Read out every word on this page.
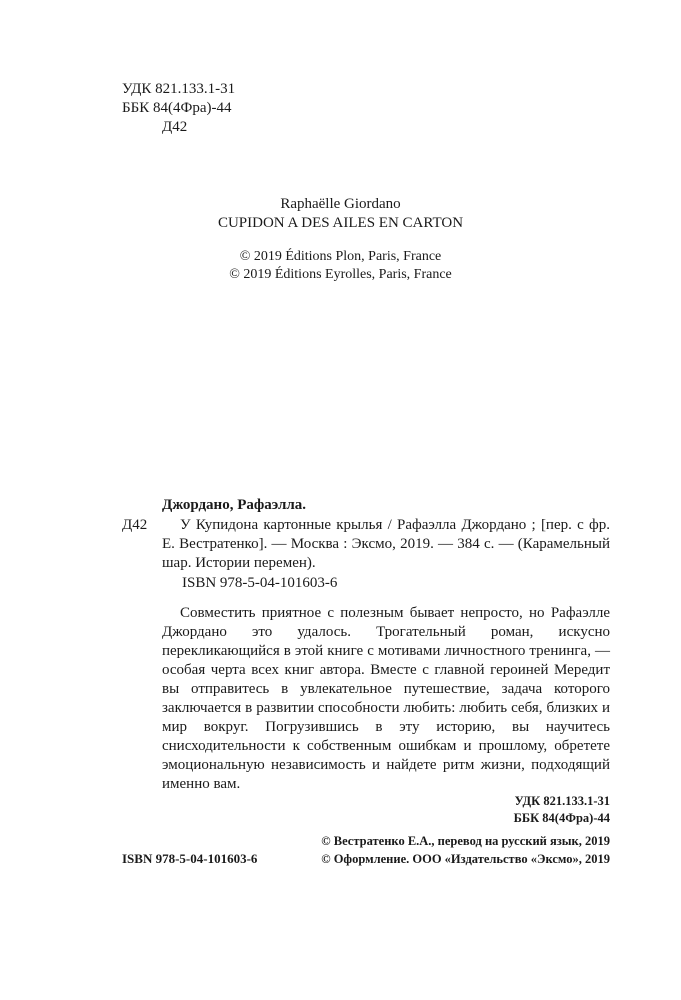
УДК 821.133.1-31
ББК 84(4Фра)-44
Д42
Raphaëlle Giordano
CUPIDON A DES AILES EN CARTON
© 2019 Éditions Plon, Paris, France
© 2019 Éditions Eyrolles, Paris, France
Джордано, Рафаэлла.
Д42	У Купидона картонные крылья / Рафаэлла Джордано ; [пер. с фр. Е. Вестратенко]. — Москва : Эксмо, 2019. — 384 с. — (Карамельный шар. Истории перемен).

ISBN 978-5-04-101603-6

Совместить приятное с полезным бывает непросто, но Рафаэлле Джордано это удалось. Трогательный роман, искусно перекликающийся в этой книге с мотивами личностного тренинга, — особая черта всех книг автора. Вместе с главной героиней Мередит вы отправитесь в увлекательное путешествие, задача которого заключается в развитии способности любить: любить себя, близких и мир вокруг. Погрузившись в эту историю, вы научитесь снисходительности к собственным ошибкам и прошлому, обретете эмоциональную независимость и найдете ритм жизни, подходящий именно вам.

УДК 821.133.1-31
ББК 84(4Фра)-44
ISBN 978-5-04-101603-6
© Вестратенко Е.А., перевод на русский язык, 2019
© Оформление. ООО «Издательство «Эксмо», 2019
